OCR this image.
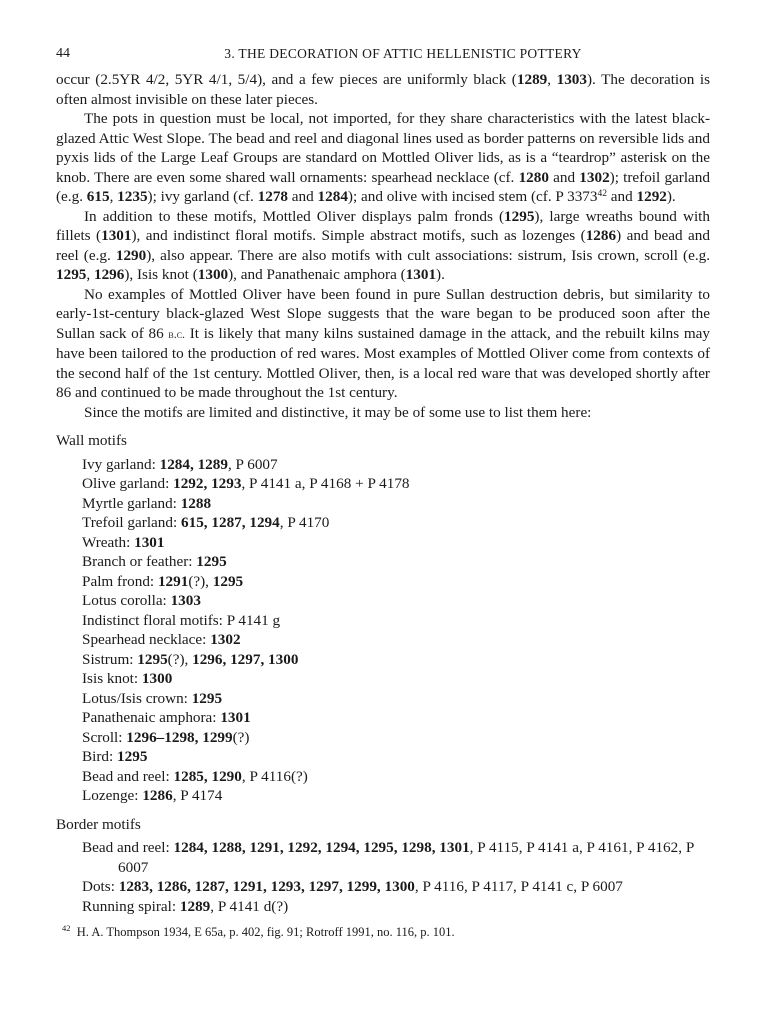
44	3. THE DECORATION OF ATTIC HELLENISTIC POTTERY

occur (2.5YR 4/2, 5YR 4/1, 5/4), and a few pieces are uniformly black (1289, 1303). The decoration is often almost invisible on these later pieces.

The pots in question must be local, not imported, for they share characteristics with the latest black-glazed Attic West Slope. The bead and reel and diagonal lines used as border patterns on reversible lids and pyxis lids of the Large Leaf Groups are standard on Mottled Oliver lids, as is a “teardrop” asterisk on the knob. There are even some shared wall ornaments: spearhead necklace (cf. 1280 and 1302); trefoil garland (e.g. 615, 1235); ivy garland (cf. 1278 and 1284); and olive with incised stem (cf. P 3373$^{42}$ and 1292).

In addition to these motifs, Mottled Oliver displays palm fronds (1295), large wreaths bound with fillets (1301), and indistinct floral motifs. Simple abstract motifs, such as lozenges (1286) and bead and reel (e.g. 1290), also appear. There are also motifs with cult associations: sistrum, Isis crown, scroll (e.g. 1295, 1296), Isis knot (1300), and Panathenaic amphora (1301).

No examples of Mottled Oliver have been found in pure Sullan destruction debris, but similarity to early-1st-century black-glazed West Slope suggests that the ware began to be produced soon after the Sullan sack of 86 b.c. It is likely that many kilns sustained damage in the attack, and the rebuilt kilns may have been tailored to the production of red wares. Most examples of Mottled Oliver come from contexts of the second half of the 1st century. Mottled Oliver, then, is a local red ware that was developed shortly after 86 and continued to be made throughout the 1st century.

Since the motifs are limited and distinctive, it may be of some use to list them here:

Wall motifs
Ivy garland: 1284, 1289, P 6007
Olive garland: 1292, 1293, P 4141 a, P 4168 + P 4178
Myrtle garland: 1288
Trefoil garland: 615, 1287, 1294, P 4170
Wreath: 1301
Branch or feather: 1295
Palm frond: 1291(?), 1295
Lotus corolla: 1303
Indistinct floral motifs: P 4141 g
Spearhead necklace: 1302
Sistrum: 1295(?), 1296, 1297, 1300
Isis knot: 1300
Lotus/Isis crown: 1295
Panathenaic amphora: 1301
Scroll: 1296–1298, 1299(?)
Bird: 1295
Bead and reel: 1285, 1290, P 4116(?)
Lozenge: 1286, P 4174
Border motifs
Bead and reel: 1284, 1288, 1291, 1292, 1294, 1295, 1298, 1301, P 4115, P 4141 a, P 4161, P 4162, P 6007
Dots: 1283, 1286, 1287, 1291, 1293, 1297, 1299, 1300, P 4116, P 4117, P 4141 c, P 6007
Running spiral: 1289, P 4141 d(?)
$^{42}$ H. A. Thompson 1934, E 65a, p. 402, fig. 91; Rotroff 1991, no. 116, p. 101.
